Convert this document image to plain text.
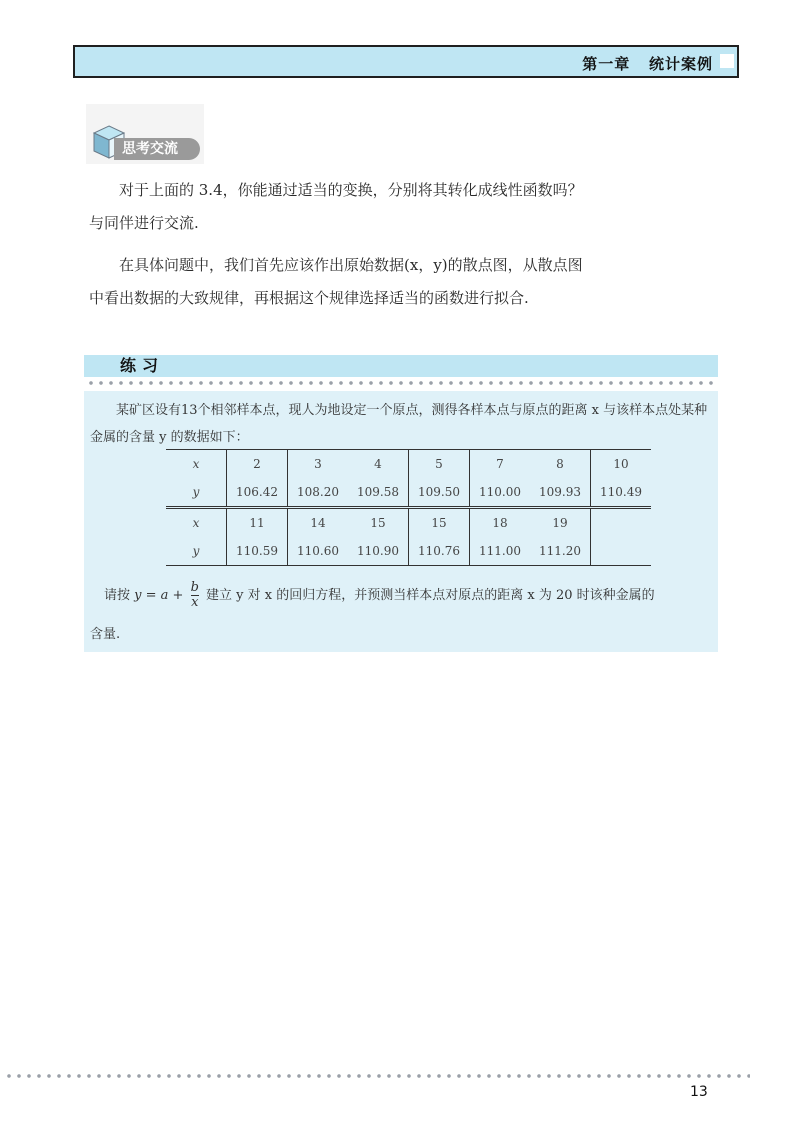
第一章 统计案例
思考交流

对于上面的 3.4，你能通过适当的变换，分别将其转化成线性函数吗？与同伴进行交流.

在具体问题中，我们首先应该作出原始数据(x，y)的散点图，从散点图中看出数据的大致规律，再根据这个规律选择适当的函数进行拟合.

练习

某矿区设有13个相邻样本点，现人为地设定一个原点，测得各样本点与原点的距离 x 与该样本点处某种金属的含量 y 的数据如下：

x	2	3	4	5	7	8	10
y	106.42	108.20	109.58	109.50	110.00	109.93	110.49
x	11	14	15	15	18	19	
y	110.59	110.60	110.90	110.76	111.00	111.20	
请按 $y = a + \frac{b}{x}$ 建立 y 对 x 的回归方程，并预测当样本点对原点的距离 x 为 20 时该种金属的
含量.
13
